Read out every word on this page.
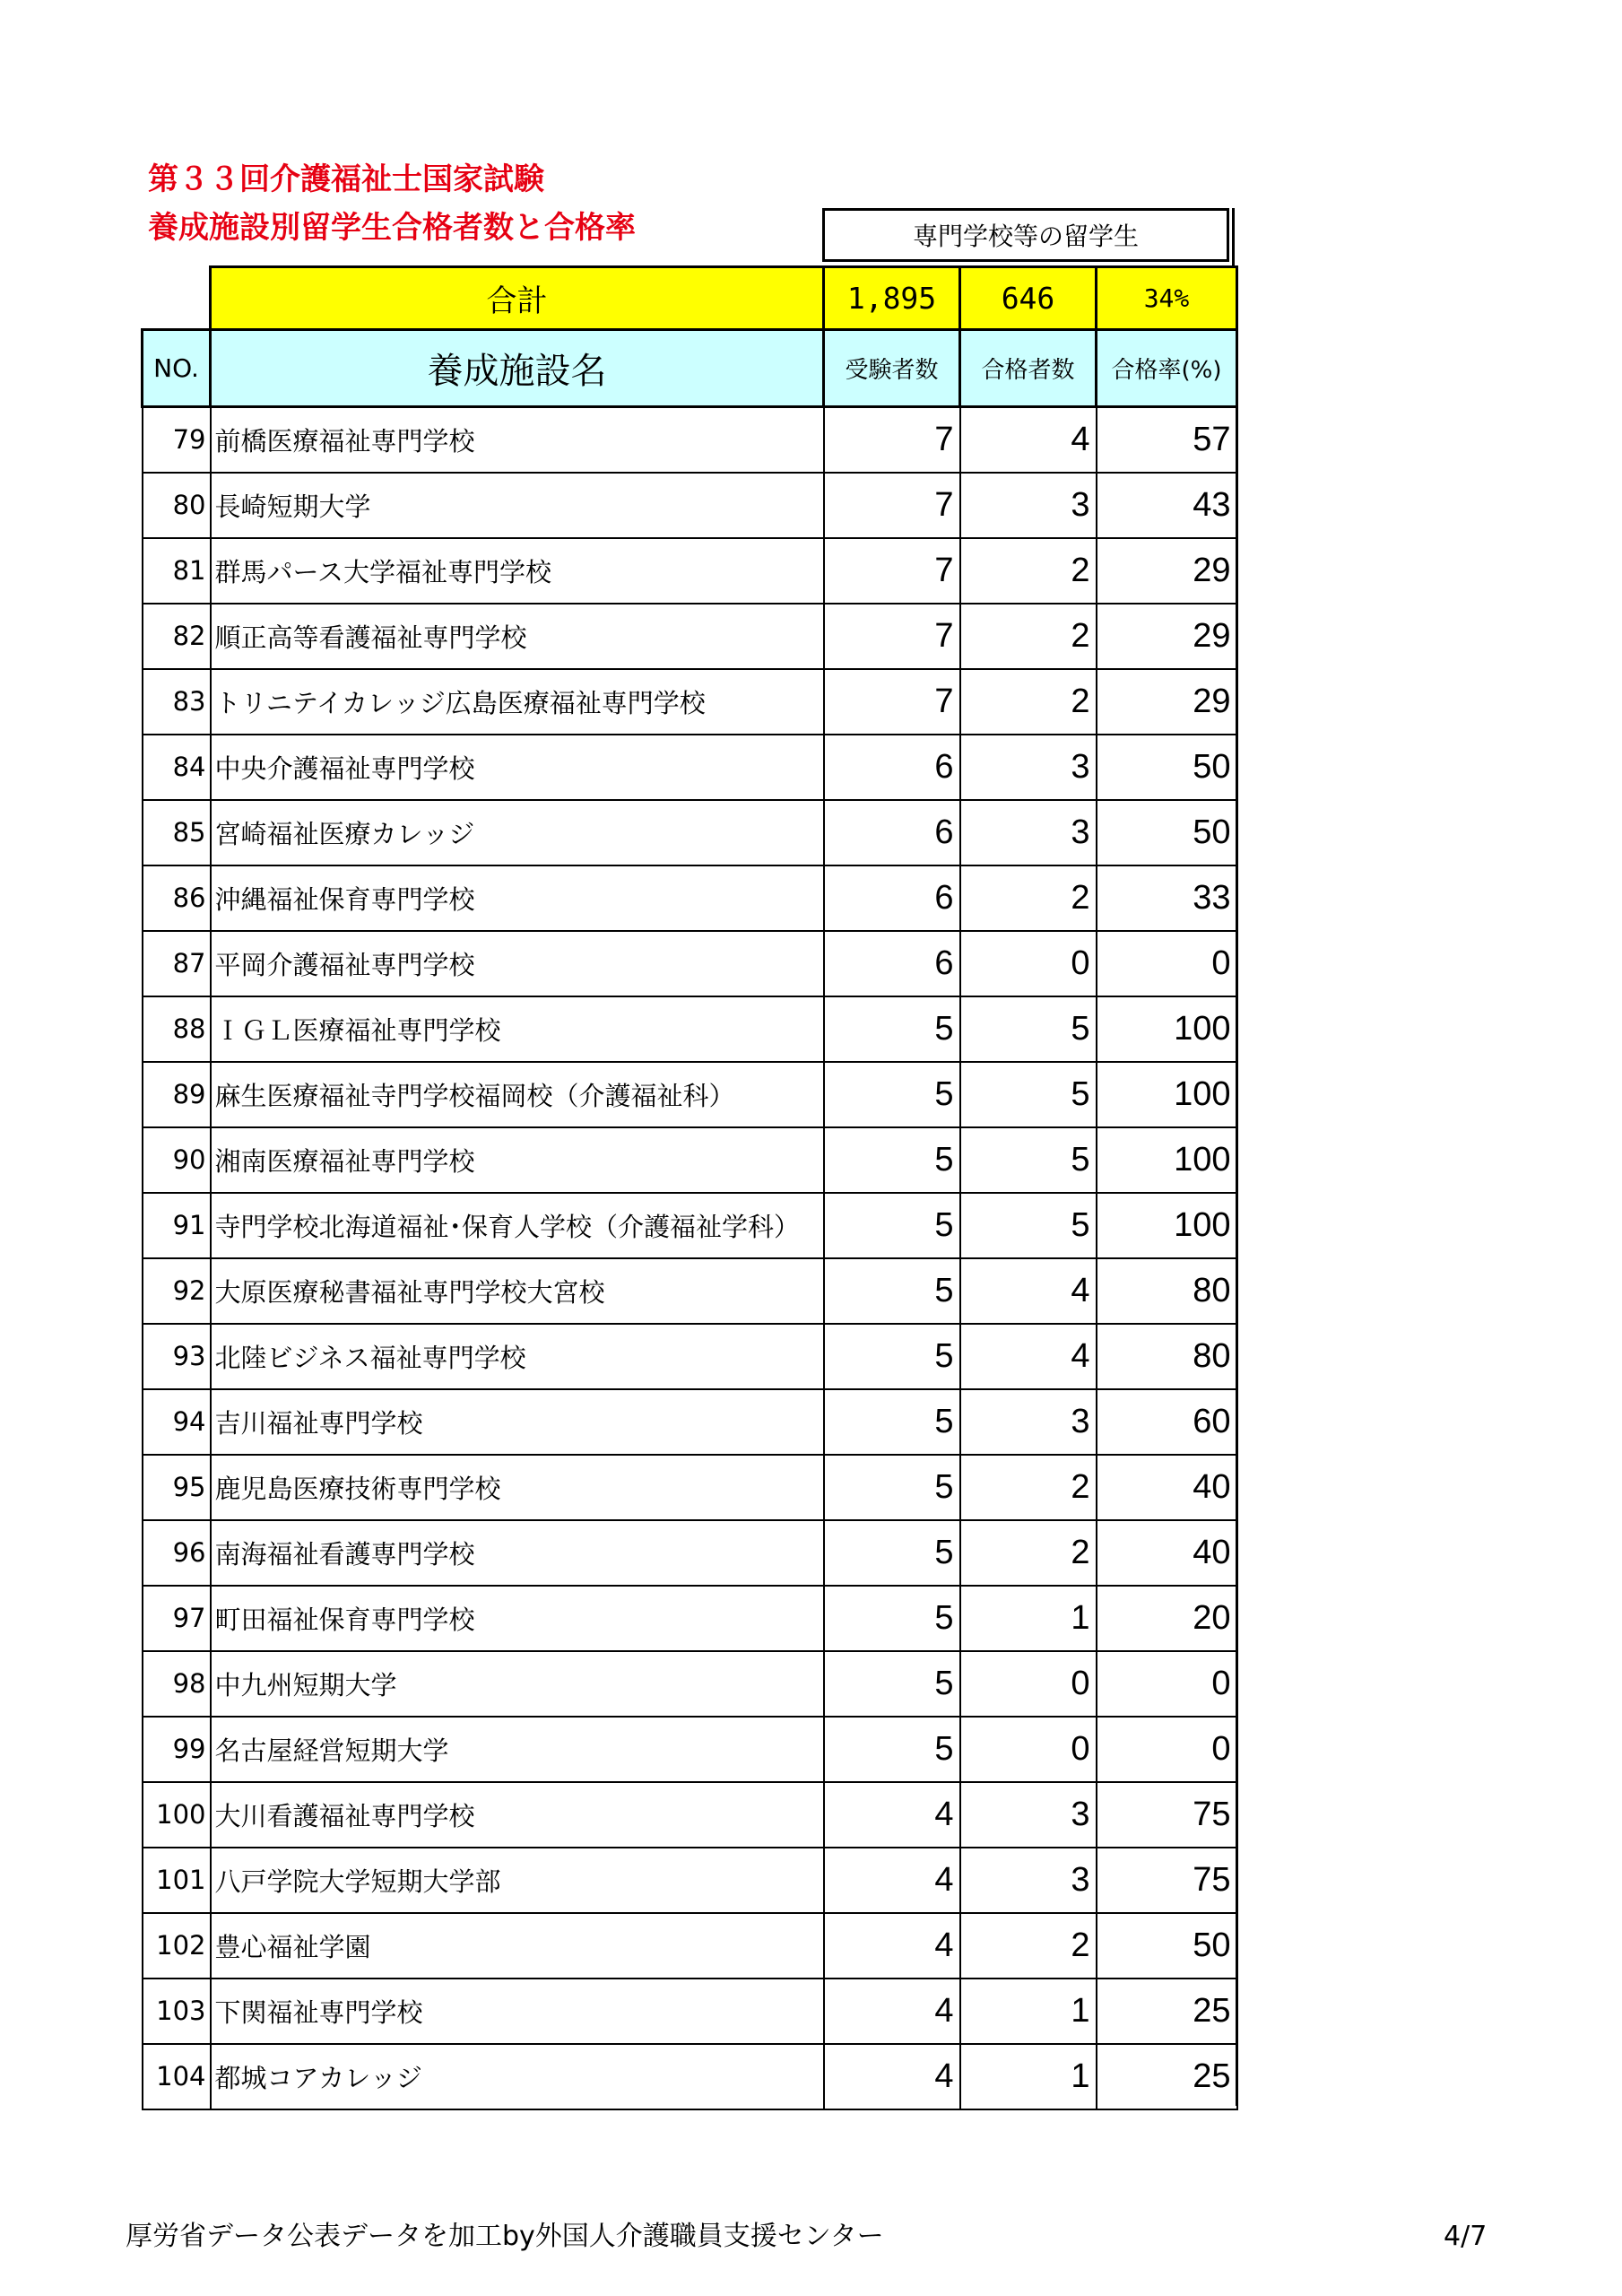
第３３回介護福祉士国家試験
養成施設別留学生合格者数と合格率	専門学校等の留学生
	合計	1,895	646	34%
NO.	養成施設名	受験者数	合格者数	合格率(%)
79	前橋医療福祉専門学校	7	4	57
80	長崎短期大学	7	3	43
81	群馬パース大学福祉専門学校	7	2	29
82	順正高等看護福祉専門学校	7	2	29
83	トリニテイカレッジ広島医療福祉専門学校	7	2	29
84	中央介護福祉専門学校	6	3	50
85	宮崎福祉医療カレッジ	6	3	50
86	沖縄福祉保育専門学校	6	2	33
87	平岡介護福祉専門学校	6	0	0
88	ＩＧＬ医療福祉専門学校	5	5	100
89	麻生医療福祉寺門学校福岡校（介護福祉科）	5	5	100
90	湘南医療福祉専門学校	5	5	100
91	寺門学校北海道福祉･保育人学校（介護福祉学科）	5	5	100
92	大原医療秘書福祉専門学校大宮校	5	4	80
93	北陸ビジネス福祉専門学校	5	4	80
94	吉川福祉専門学校	5	3	60
95	鹿児島医療技術専門学校	5	2	40
96	南海福祉看護専門学校	5	2	40
97	町田福祉保育専門学校	5	1	20
98	中九州短期大学	5	0	0
99	名古屋経営短期大学	5	0	0
100	大川看護福祉専門学校	4	3	75
101	八戸学院大学短期大学部	4	3	75
102	豊心福祉学園	4	2	50
103	下関福祉専門学校	4	1	25
104	都城コアカレッジ	4	1	25
厚労省データ公表データを加工by外国人介護職員支援センター	4/7
